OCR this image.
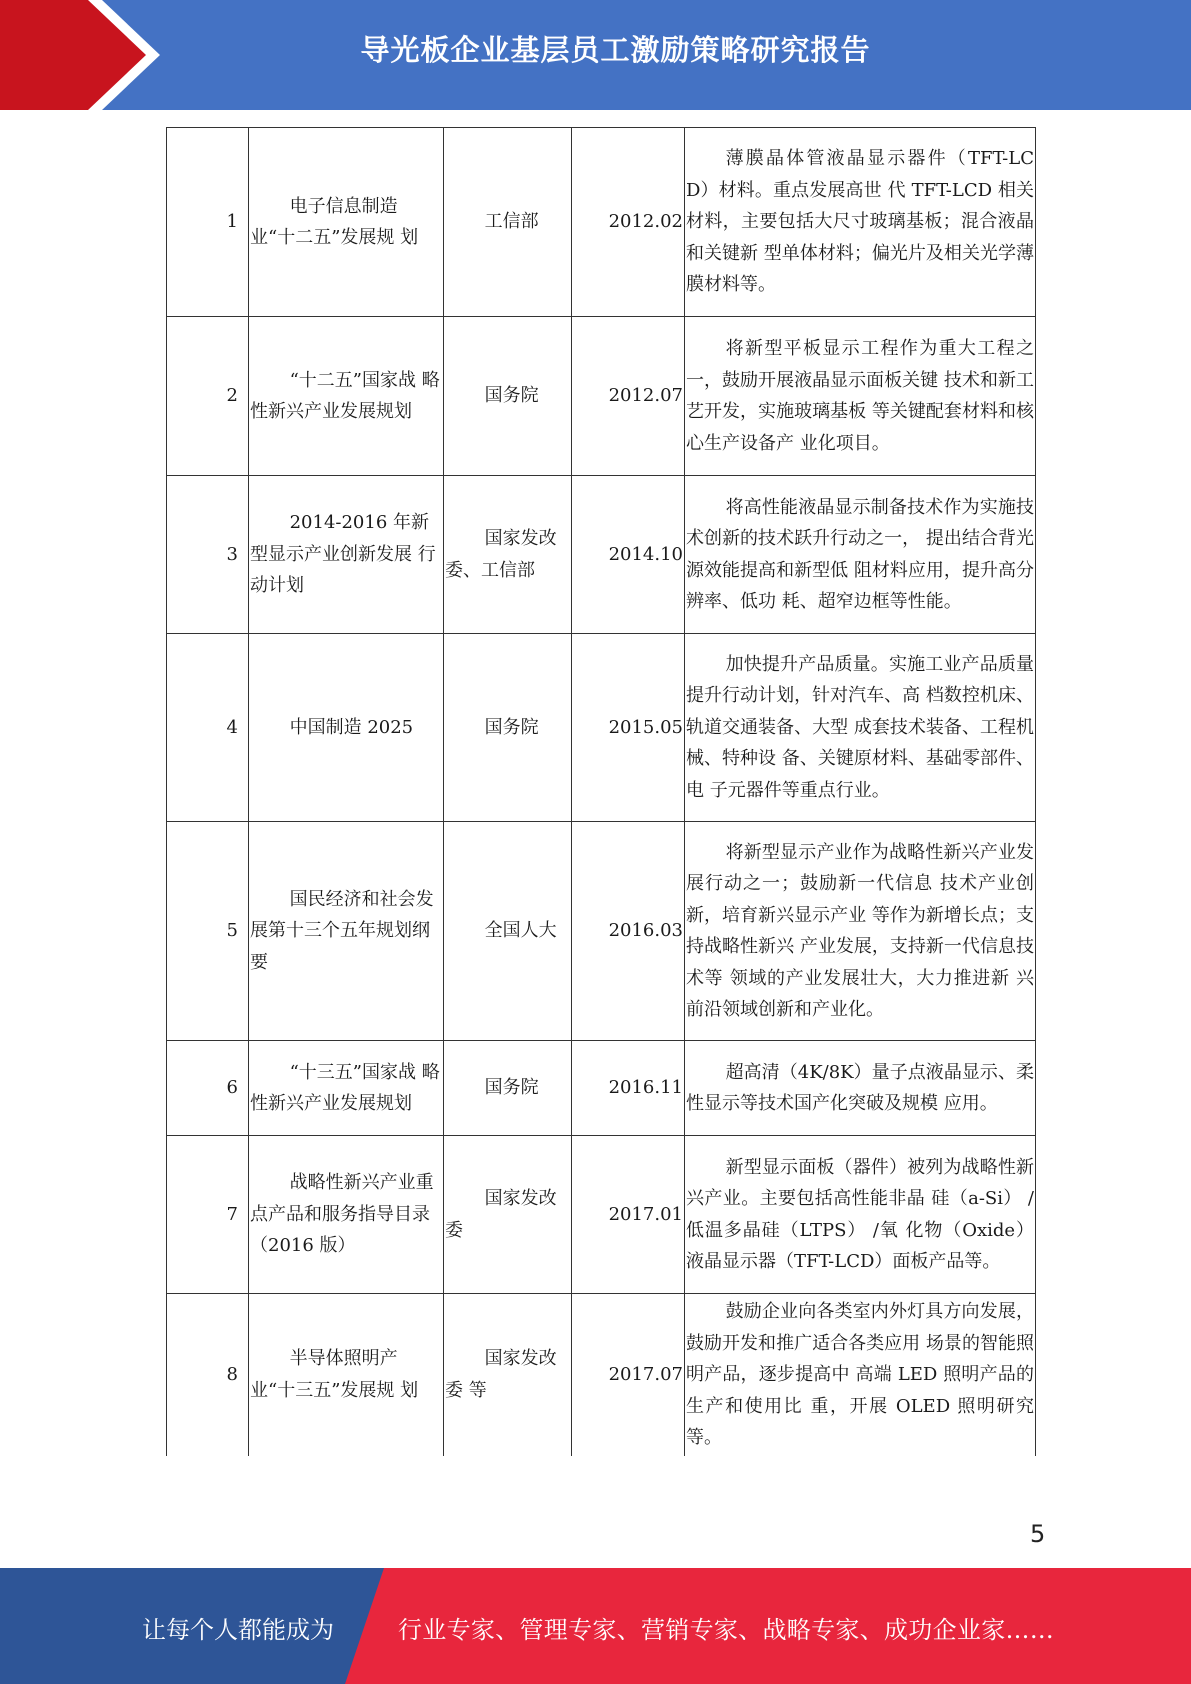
导光板企业基层员工激励策略研究报告
1	电子信息制造业“十二五”发展规 划	工信部	2012.02	薄膜晶体管液晶显示器件（TFT-LC D）材料。重点发展高世 代 TFT-LCD 相关材料，主要包括大尺寸玻璃基板；混合液晶和关键新 型单体材料；偏光片及相关光学薄 膜材料等。
2	“十二五”国家战 略性新兴产业发展规划	国务院	2012.07	将新型平板显示工程作为重大工程之一，鼓励开展液晶显示面板关键 技术和新工艺开发，实施玻璃基板 等关键配套材料和核心生产设备产 业化项目。
3	2014-2016 年新型显示产业创新发展 行动计划	国家发改委、工信部	2014.10	将高性能液晶显示制备技术作为实施技术创新的技术跃升行动之一， 提出结合背光源效能提高和新型低 阻材料应用，提升高分辨率、低功 耗、超窄边框等性能。
4	中国制造 2025	国务院	2015.05	加快提升产品质量。实施工业产品质量提升行动计划，针对汽车、高 档数控机床、轨道交通装备、大型 成套技术装备、工程机械、特种设 备、关键原材料、基础零部件、电 子元器件等重点行业。
5	国民经济和社会发 展第十三个五年规划纲要	全国人大	2016.03	将新型显示产业作为战略性新兴产业发展行动之一；鼓励新一代信息 技术产业创新，培育新兴显示产业 等作为新增长点；支持战略性新兴 产业发展，支持新一代信息技术等 领域的产业发展壮大，大力推进新 兴前沿领域创新和产业化。
6	“十三五”国家战 略性新兴产业发展规划	国务院	2016.11	超高清（4K/8K）量子点液晶显示、柔性显示等技术国产化突破及规模 应用。
7	战略性新兴产业重 点产品和服务指导目录（2016 版）	国家发改委	2017.01	新型显示面板（器件）被列为战略性新兴产业。主要包括高性能非晶 硅（a-Si） /低温多晶硅（LTPS） /氧 化物（Oxide）液晶显示器（TFT-LCD）面板产品等。
8	半导体照明产业“十三五”发展规 划	国家发改委 等	2017.07	鼓励企业向各类室内外灯具方向发展，鼓励开发和推广适合各类应用 场景的智能照明产品，逐步提高中 高端 LED 照明产品的生产和使用比 重，开展 OLED 照明研究等。
5
让每个人都能成为	行业专家、管理专家、营销专家、战略专家、成功企业家……
